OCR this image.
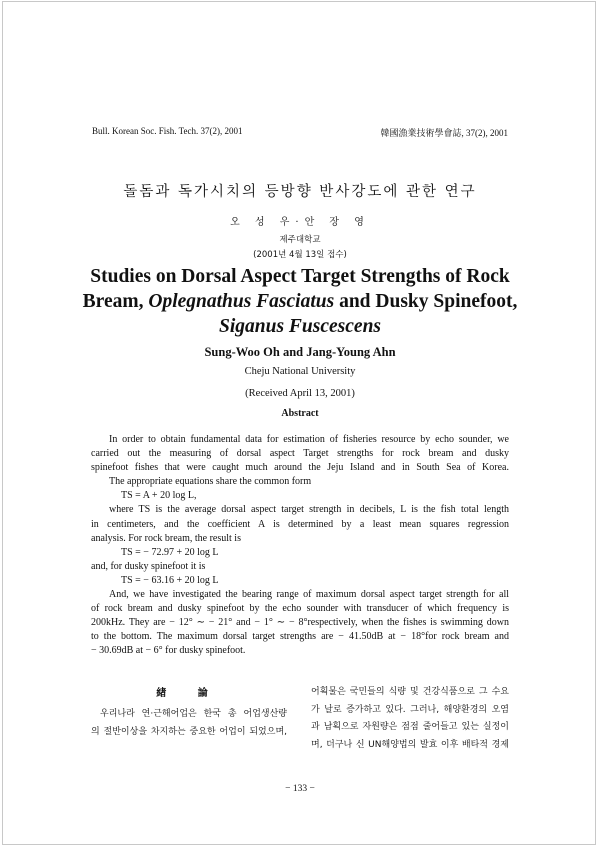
Bull. Korean Soc. Fish. Tech. 37(2), 2001	韓國漁業技術學會誌, 37(2), 2001
돌돔과 독가시치의 등방향 반사강도에 관한 연구
오 성 우·안 장 영
제주대학교
(2001년 4월 13일 접수)
Studies on Dorsal Aspect Target Strengths of Rock
Bream, Oplegnathus Fasciatus and Dusky Spinefoot,
Siganus Fuscescens
Sung-Woo Oh and Jang-Young Ahn
Cheju National University
(Received April 13, 2001)
Abstract
In order to obtain fundamental data for estimation of fisheries resource by echo sounder, we
carried out the measuring of dorsal aspect Target strengths for rock bream and dusky
spinefoot fishes that were caught much around the Jeju Island and in South Sea of Korea.
The appropriate equations share the common form
TS = A + 20 log L,
where TS is the average dorsal aspect target strength in decibels, L is the fish total length
in centimeters, and the coefficient A is determined by a least mean squares regression
analysis. For rock bream, the result is
TS = − 72.97 + 20 log L
and, for dusky spinefoot it is
TS = − 63.16 + 20 log L
And, we have investigated the bearing range of maximum dorsal aspect target strength for all
of rock bream and dusky spinefoot by the echo sounder with transducer of which frequency is
200kHz. They are − 12° ∼ − 21° and − 1° ∼ − 8°respectively, when the fishes is swimming down
to the bottom. The maximum dorsal target strengths are − 41.50dB at − 18°for rock bream and
− 30.69dB at − 6° for dusky spinefoot.
緖 論
우리나라 연·근해어업은 한국 총 어업생산량
의 절반이상을 차지하는 중요한 어업이 되었으며,
어획물은 국민들의 식량 및 건강식품으로 그 수요
가 날로 증가하고 있다. 그러나, 해양환경의 오염
과 남획으로 자원량은 점점 줄어들고 있는 실정이
며, 더구나 신 UN해양법의 발효 이후 배타적 경제
− 133 −
